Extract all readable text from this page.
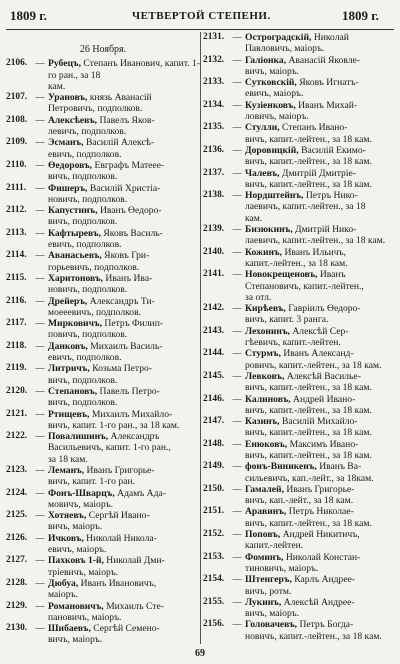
1809 г.	ЧЕТВЕРТОЙ СТЕПЕНИ.	1809 г.
26 Ноября.
2106. — Рубецъ, Степанъ Иванович, капит. 1-го ран., за 18
кам.
2107. — Урановъ, князь Аванасій
Петровичъ, подполков.
2108. — Алексѣевъ, Павелъ Яков-
левичъ, подполков.
2109. — Эсманъ, Василій Алексѣ-
евичъ, подполков.
2110. — Өедоровъ, Евграфъ Матеее-
вичъ, подполков.
2111.	— Фишеръ, Василій Христіа-
новичъ, подполков.
2112. — Капустинъ, Иванъ Өедоро-
вичъ, подполков.
2113. — Кафтыревъ, Яковъ Василь-
евичъ, подполков.
2114. — Аванасьевъ, Яковъ Гри-
горьевичъ, подполков.
2115. — Харитоновъ, Иванъ Ива-
новичъ, подполков.
2116. — Дрейеръ, Александръ Ти-
моееевичъ, подполков.
2117. — Мирковичъ, Петръ Филип-
повичъ, подполков.
2118. — Данковъ, Михаилъ Василь-
евичъ, подполков.
2119. — Литричъ, Козьма Петро-
вичъ, подполков.
2120. — Степановъ, Павелъ Петро-
вичъ, подполков.
2121. — Ртищевъ, Михаилъ Михайло-
вичъ, капит. 1-го ран., за 18 кам.
2122. — Повалишинъ, Александръ
Васильевичъ, капит. 1-го ран.,
за 18 кам.
2123. — Леманъ, Иванъ Григорье-
вичъ, капит. 1-го ран.
2124. — Фонъ-Шварцъ, Адамъ Ада-
мовичъ, маіоръ.
2125. — Хотяевъ, Сергѣй Ивано-
вичъ, маіоръ.
2126. — Ичковъ, Николай Никола-
евичъ, маіоръ.
2127. — Пахковъ 1-й, Николай Дми-
тріевичъ, маіоръ.
2128. — Дюбуа, Иванъ Ивановичъ,
маіоръ.
2129. — Романовичъ, Михаилъ Сте-
пановичъ, маіоръ.
2130. — Шибаевъ, Сергѣй Семено-
вичъ, маіоръ.
2131. — Остроградскій, Николай
Павловичъ, маіоръ.
2132. — Галіонка, Аванасій Яковле-
вичъ, маіоръ.
2133. — Сутковскій, Яковъ Игнатъ-
евичъ, маіоръ.
2134. — Кузіенковъ, Иванъ Михай-
ловичъ, маіоръ.
2135. — Стулли, Степанъ Ивано-
вичъ, капит.-лейтен., за 18 кам.
2136. — Доровицкій, Василій Екимо-
вичъ, капит.-лейтен., за 18 кам.
2137. — Чалевъ, Дмитрій Дмитріе-
вичъ, капит.-лейтен., за 18 кам.
2138. — Нордштейнъ, Петръ Нико-
лаевичъ, капит.-лейтен., за 18
кам.
2139. — Бизюкинъ, Дмитрій Нико-
лаевичъ, капит.-лейтен., за 18 кам.
2140. — Кожинъ, Иванъ Ильичъ,
капит.-лейтен., за 18 кам.
2141. — Новокрещеновъ, Иванъ
Степановичъ, капит.-лейтен.,
за отл.
2142. — Кирѣевъ, Гавріилъ Өедоро-
вичъ, капит. 3 ранга.
2143. — Лехонинъ, Алексѣй Сер-
гѣевичъ, капит.-лейтен.
2144. — Стурмъ, Иванъ Александ-
ровичъ, капит.-лейтен., за 18 кам.
2145. — Левковъ, Алексѣй Василье-
вичъ, капит.-лейтен., за 18 кам.
2146. — Калиновъ, Андрей Ивано-
вичъ, капит.-лейтен., за 18 кам.
2147. — Казинъ, Василій Михайло-
вичъ, капит.-лейтен., за 18 кам.
2148. — Енюковъ, Максимъ Ивано-
вичъ, капит.-лейтен., за 18 кам.
2149. — фонъ-Виникенъ, Иванъ Ва-
сильевичъ, кап.-лейт., за 18кам.
2150. — Гамалей, Иванъ Григорье-
вичъ, кап.-лейт., за 18 кам.
2151. — Аравинъ, Петръ Николае-
вичъ, капит.-лейтен., за 18 кам.
2152. — Поповъ, Андрей Никитичъ,
капит.-лейтен.
2153. — Фоминъ, Николай Констан-
тиновичъ, маіоръ.
2154. — Штенгеръ, Карлъ Андрее-
вичъ, ротм.
2155. — Лукинъ, Алексѣй Андрее-
вичъ, маіоръ.
2156. — Головачевъ, Петръ Богда-
новичъ, капит.-лейтен., за 18 кам.
69
